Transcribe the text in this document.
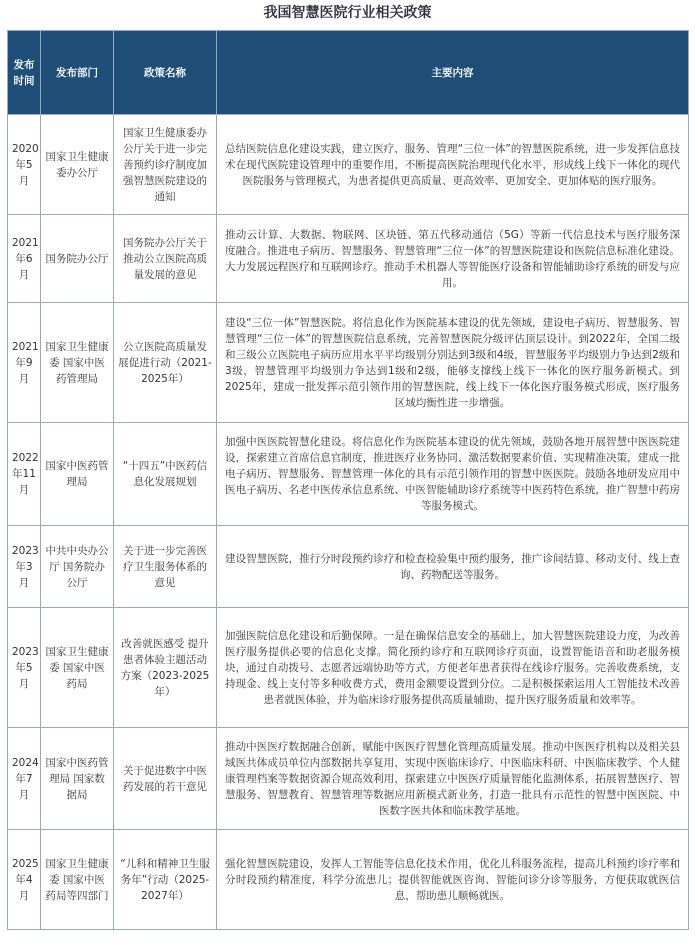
我国智慧医院行业相关政策
发布时间	发布部门	政策名称	主要内容
2020年5月	国家卫生健康委办公厅	国家卫生健康委办公厅关于进一步完善预约诊疗制度加强智慧医院建设的通知	总结医院信息化建设实践，建立医疗、服务、管理“三位一体”的智慧医院系统，进一步发挥信息技术在现代医院建设管理中的重要作用，不断提高医院治理现代化水平，形成线上线下一体化的现代医院服务与管理模式，为患者提供更高质量、更高效率、更加安全、更加体贴的医疗服务。
2021年6月	国务院办公厅	国务院办公厅关于推动公立医院高质量发展的意见	推动云计算、大数据、物联网、区块链、第五代移动通信（5G）等新一代信息技术与医疗服务深度融合。推进电子病历、智慧服务、智慧管理“三位一体”的智慧医院建设和医院信息标准化建设。大力发展远程医疗和互联网诊疗。推动手术机器人等智能医疗设备和智能辅助诊疗系统的研发与应用。
2021年9月	国家卫生健康委 国家中医药管理局	公立医院高质量发展促进行动（2021-2025年）	建设“三位一体”智慧医院。将信息化作为医院基本建设的优先领域，建设电子病历、智慧服务、智慧管理“三位一体”的智慧医院信息系统，完善智慧医院分级评估顶层设计。到2022年，全国二级和三级公立医院电子病历应用水平平均级别分别达到3级和4级，智慧服务平均级别力争达到2级和3级，智慧管理平均级别力争达到1级和2级，能够支撑线上线下一体化的医疗服务新模式。到2025年，建成一批发挥示范引领作用的智慧医院，线上线下一体化医疗服务模式形成，医疗服务区域均衡性进一步增强。
2022年11月	国家中医药管理局	“十四五”中医药信息化发展规划	加强中医医院智慧化建设。将信息化作为医院基本建设的优先领域，鼓励各地开展智慧中医医院建设，探索建立首席信息官制度，推进医疗业务协同、激活数据要素价值、实现精准决策，建成一批电子病历、智慧服务、智慧管理一体化的具有示范引领作用的智慧中医医院。鼓励各地研发应用中医电子病历、名老中医传承信息系统、中医智能辅助诊疗系统等中医药特色系统，推广智慧中药房等服务模式。
2023年3月	中共中央办公厅 国务院办公厅	关于进一步完善医疗卫生服务体系的意见	建设智慧医院，推行分时段预约诊疗和检查检验集中预约服务，推广诊间结算、移动支付、线上查询、药物配送等服务。
2023年5月	国家卫生健康委 国家中医药局	改善就医感受 提升患者体验主题活动方案（2023-2025年）	加强医院信息化建设和后勤保障。一是在确保信息安全的基础上，加大智慧医院建设力度，为改善医疗服务提供必要的信息化支撑。简化预约诊疗和互联网诊疗页面，设置智能语音和助老服务模块，通过自动拨号、志愿者远端协助等方式，方便老年患者获得在线诊疗服务。完善收费系统，支持现金、线上支付等多种收费方式，费用金额要设置到分位。二是积极探索运用人工智能技术改善患者就医体验，并为临床诊疗服务提供高质量辅助，提升医疗服务质量和效率等。
2024年7月	国家中医药管理局 国家数据局	关于促进数字中医药发展的若干意见	推动中医医疗数据融合创新，赋能中医医疗智慧化管理高质量发展。推动中医医疗机构以及相关县域医共体成员单位内部数据共享复用，实现中医临床诊疗、中医临床科研、中医临床教学、个人健康管理档案等数据资源合规高效利用，探索建立中医医疗质量智能化监测体系，拓展智慧医疗、智慧服务、智慧教育、智慧管理等数据应用新模式新业务，打造一批具有示范性的智慧中医医院、中医数字医共体和临床教学基地。
2025年4月	国家卫生健康委 国家中医药局等四部门	“儿科和精神卫生服务年”行动（2025-2027年）	强化智慧医院建设，发挥人工智能等信息化技术作用，优化儿科服务流程，提高儿科预约诊疗率和分时段预约精准度，科学分流患儿；提供智能就医咨询、智能问诊分诊等服务，方便获取就医信息，帮助患儿顺畅就医。
